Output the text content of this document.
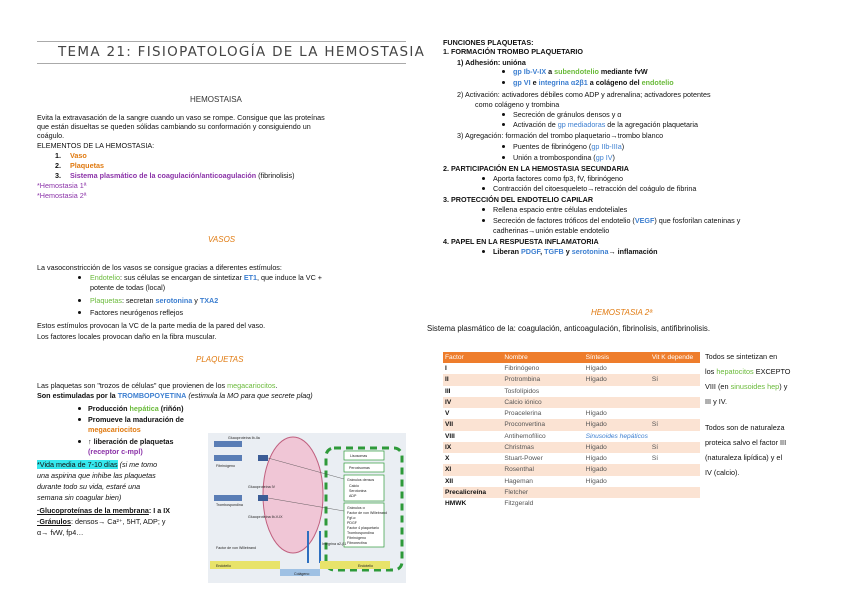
TEMA 21: FISIOPATOLOGÍA DE LA HEMOSTASIA
HEMOSTAISA
Evita la extravasación de la sangre cuando un vaso se rompe. Consigue que las proteínas
que están disueltas se queden sólidas cambiando su conformación y consiguiendo un
coágulo.
ELEMENTOS DE LA HEMOSTASIA:
1. Vaso
2. Plaquetas
3. Sistema plasmático de la coagulación/anticoagulación (fibrinolisis)
*Hemostasia 1ª
*Hemostasia 2ª
VASOS
La vasoconstricción de los vasos se consigue gracias a diferentes estímulos:
Endotelio: sus células se encargan de sintetizar ET1, que induce la VC +
potente de todas (local)
Plaquetas: secretan serotonina y TXA2
Factores neurógenos reflejos
Estos estímulos provocan la VC de la parte media de la pared del vaso.
Los factores locales provocan daño en la fibra muscular.
PLAQUETAS
Las plaquetas son "trozos de células" que provienen de los megacariocitos.
Son estimuladas por la TROMBOPOYETINA (estimula la MO para que secrete plaq)
Producción hepática (riñón)
Promueve la maduración de
megacariocitos
↑ liberación de plaquetas
(receptor c-mpl)
*Vida media de 7-10 días (si me tomo
una aspirina que inhibe las plaquetas
durante todo su vida, estaré una
semana sin coagular bien)
·Glucoproteínas de la membrana: I a IX
·Gránulos: densos→ Ca²⁺, 5HT, ADP; y
α→ fvW, fp4…
Glucoproteína Ib-IIa
Fibrinógeno
Glucoproteína IV
Trombospondina
Glucoproteína Ib-V-IX
Factor de von Willebrand
Integrina α2-β1
Colágeno
Endotelio
Lisosomas
Peroxisomas
Gránulos densos
Calcio
Serotonina
ADP
Gránulos α
Factor de von Willebrand
Fgf-α
PDGF
Factor 4 plaquetario
Trombospondina
Fibrinógeno
Fibronectina
Endotelio
FUNCIONES PLAQUETAS:
1. FORMACIÓN TROMBO PLAQUETARIO
1) Adhesión: unióna
gp Ib-V-IX a subendotelio mediante fvW
gp VI e integrina α2β1 a colágeno del endotelio
2) Activación: activadores débiles como ADP y adrenalina; activadores potentes
como colágeno y trombina
Secreción de gránulos densos y α
Activación de gp mediadoras de la agregación plaquetaria
3) Agregación: formación del trombo plaquetario→trombo blanco
Puentes de fibrinógeno (gp IIb-IIIa)
Unión a trombospondina (gp IV)
2. PARTICIPACIÓN EN LA HEMOSTASIA SECUNDARIA
Aporta factores como fp3, fV, fibrinógeno
Contracción del citoesqueleto→retracción del coágulo de fibrina
3. PROTECCIÓN DEL ENDOTELIO CAPILAR
Rellena espacio entre células endoteliales
Secreción de factores tróficos del endotelio (VEGF) que fosforilan cateninas y
cadherinas→unión estable endotelio
4. PAPEL EN LA RESPUESTA INFLAMATORIA
Liberan PDGF, TGFB y serotonina→ inflamación
HEMOSTASIA 2ª
Sistema plasmático de la: coagulación, anticoagulación, fibrinolisis, antifibrinolisis.
Factor	Nombre	Síntesis	Vit K depende
I	Fibrinógeno	Hígado	
II	Protrombina	Hígado	Sí
III	Tosfolípidos		
IV	Calcio iónico		
V	Proacelerina	Hígado	
VII	Proconvertina	Hígado	Sí
VIII	Antihemofílico	Sinusoides hepáticos	
IX	Christmas	Hígado	Sí
X	Stuart-Power	Hígado	Sí
XI	Rosenthal	Hígado	
XII	Hageman	Hígado	
Precalicreína	Fletcher		
HMWK	Fitzgerald		
Todos se sintetizan en
los hepatocitos EXCEPTO
VIII (en sinusoides hep) y
III y IV.
Todos son de naturaleza
proteica salvo el factor III
(naturaleza lipídica) y el
IV (calcio).
